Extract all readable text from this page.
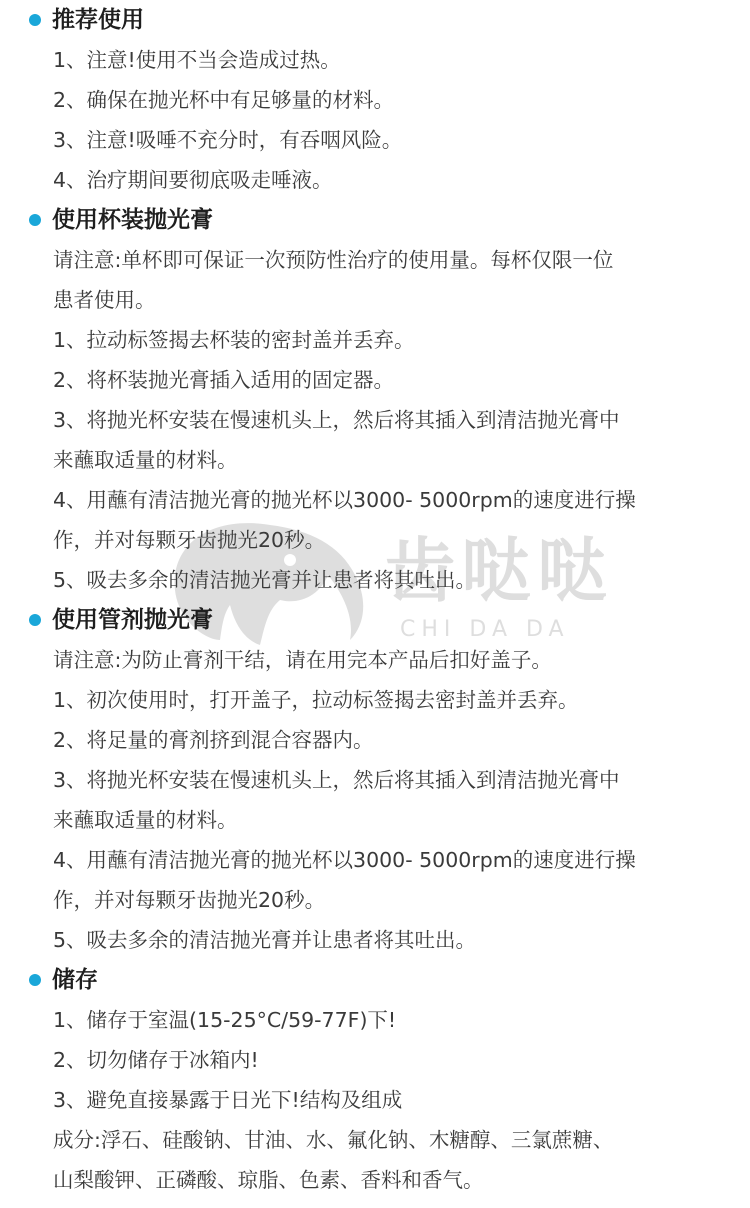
齿哒哒
CHI DA DA
推荐使用
1、注意!使用不当会造成过热。
2、确保在抛光杯中有足够量的材料。
3、注意!吸唾不充分时，有吞咽风险。
4、治疗期间要彻底吸走唾液。
使用杯装抛光膏
请注意:单杯即可保证一次预防性治疗的使用量。每杯仅限一位
患者使用。
1、拉动标签揭去杯装的密封盖并丢弃。
2、将杯装抛光膏插入适用的固定器。
3、将抛光杯安装在慢速机头上，然后将其插入到清洁抛光膏中
来蘸取适量的材料。
4、用蘸有清洁抛光膏的抛光杯以3000- 5000rpm的速度进行操
作，并对每颗牙齿抛光20秒。
5、吸去多余的清洁抛光膏并让患者将其吐出。
使用管剂抛光膏
请注意:为防止膏剂干结，请在用完本产品后扣好盖子。
1、初次使用时，打开盖子，拉动标签揭去密封盖并丢弃。
2、将足量的膏剂挤到混合容器内。
3、将抛光杯安装在慢速机头上，然后将其插入到清洁抛光膏中
来蘸取适量的材料。
4、用蘸有清洁抛光膏的抛光杯以3000- 5000rpm的速度进行操
作，并对每颗牙齿抛光20秒。
5、吸去多余的清洁抛光膏并让患者将其吐出。
储存
1、储存于室温(15-25°C/59-77F)下!
2、切勿储存于冰箱内!
3、避免直接暴露于日光下!结构及组成
成分:浮石、硅酸钠、甘油、水、氟化钠、木糖醇、三氯蔗糖、
山梨酸钾、正磷酸、琼脂、色素、香料和香气。
